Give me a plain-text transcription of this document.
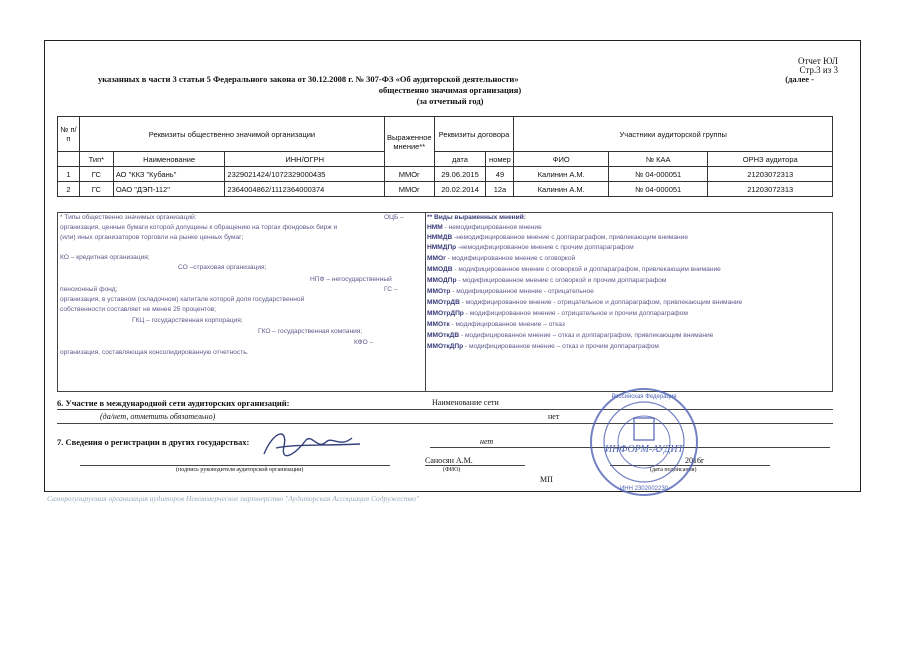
Отчет ЮЛ
Стр.3 из 3
указанных в части 3 статьи 5 Федерального закона от 30.12.2008 г. № 307-ФЗ «Об аудиторской деятельности»	(далее -
общественно значимая организация)
(за отчетный год)
№ п/п	Реквизиты общественно значимой организации			Выраженное мнение**	Реквизиты договора		Участники аудиторской группы		
	Тип*	Наименование	ИНН/ОГРН		дата	номер	ФИО	№ КАА	ОРНЗ аудитора
1	ГС	АО "ККЗ "Кубань"	2329021424/1072329000435	ММОг	29.06.2015	49	Калинин А.М.	№ 04-000051	21203072313
2	ГС	ОАО "ДЭП-112"	2364004862/1112364000374	ММОг	20.02.2014	12а	Калинин А.М.	№ 04-000051	21203072313
* Типы общественно значимых организаций:	ОЦБ –
организация, ценные бумаги которой допущены к обращению на торгах фондовых бирж и
(или) иных организаторов торговли на рынке ценных бумаг;
КО – кредитная организация;
СО –страховая организация;
НПФ – негосударственный
ГС –
пенсионный фонд;
организация, в уставном (складочном) капитале которой доля государственной
собственности составляет не менее 25 процентов;
ГКЦ – государственная корпорация;
ГКО – государственная компания;
КФО –
организация, составляющая консолидированную отчетность.
** Виды выраженных мнений:
НММ - немодифицированное мнение
НММДВ -немодифицированное мнение с доппараграфом, привлекающим внимание
НММДПр -немодифицированное мнение с прочим доппараграфом
ММОг - модифицированное мнение с оговоркой
ММОДВ - модифицированное мнение с оговоркой и доппараграфом, привлекающим внимание
ММОДПр - модифицированное мнение с оговоркой и прочим доппараграфом
ММОтр - модифицированное мнение - отрицательное
ММОтрДВ - модифицированное мнение - отрицательное и доппараграфом, привлекающим внимание
ММОтрДПр - модифицированное мнение - отрицательное и прочим доппараграфом
ММОтк - модифицированное мнение – отказ
ММОткДВ - модифицированное мнение – отказ и доппараграфом, привлекающим внимание
ММОткДПр - модифицированное мнение – отказ и прочим доппараграфом
6. Участие в международной сети аудиторских организаций:	Наименование сети
(да/нет, отметить обязательно)	нет
7. Сведения о регистрации в других государствах:	нет
Саносян А.М.	2016г
(подпись руководителя аудиторской организации)	(ФИО)	(дата подписания)
МП
ИНФОРМ-АУДИТ
Российская Федерация
ИНН 2302002230
Саморегулируемая организация аудиторов Некоммерческое партнерство "Аудиторская Ассоциация Содружество"
